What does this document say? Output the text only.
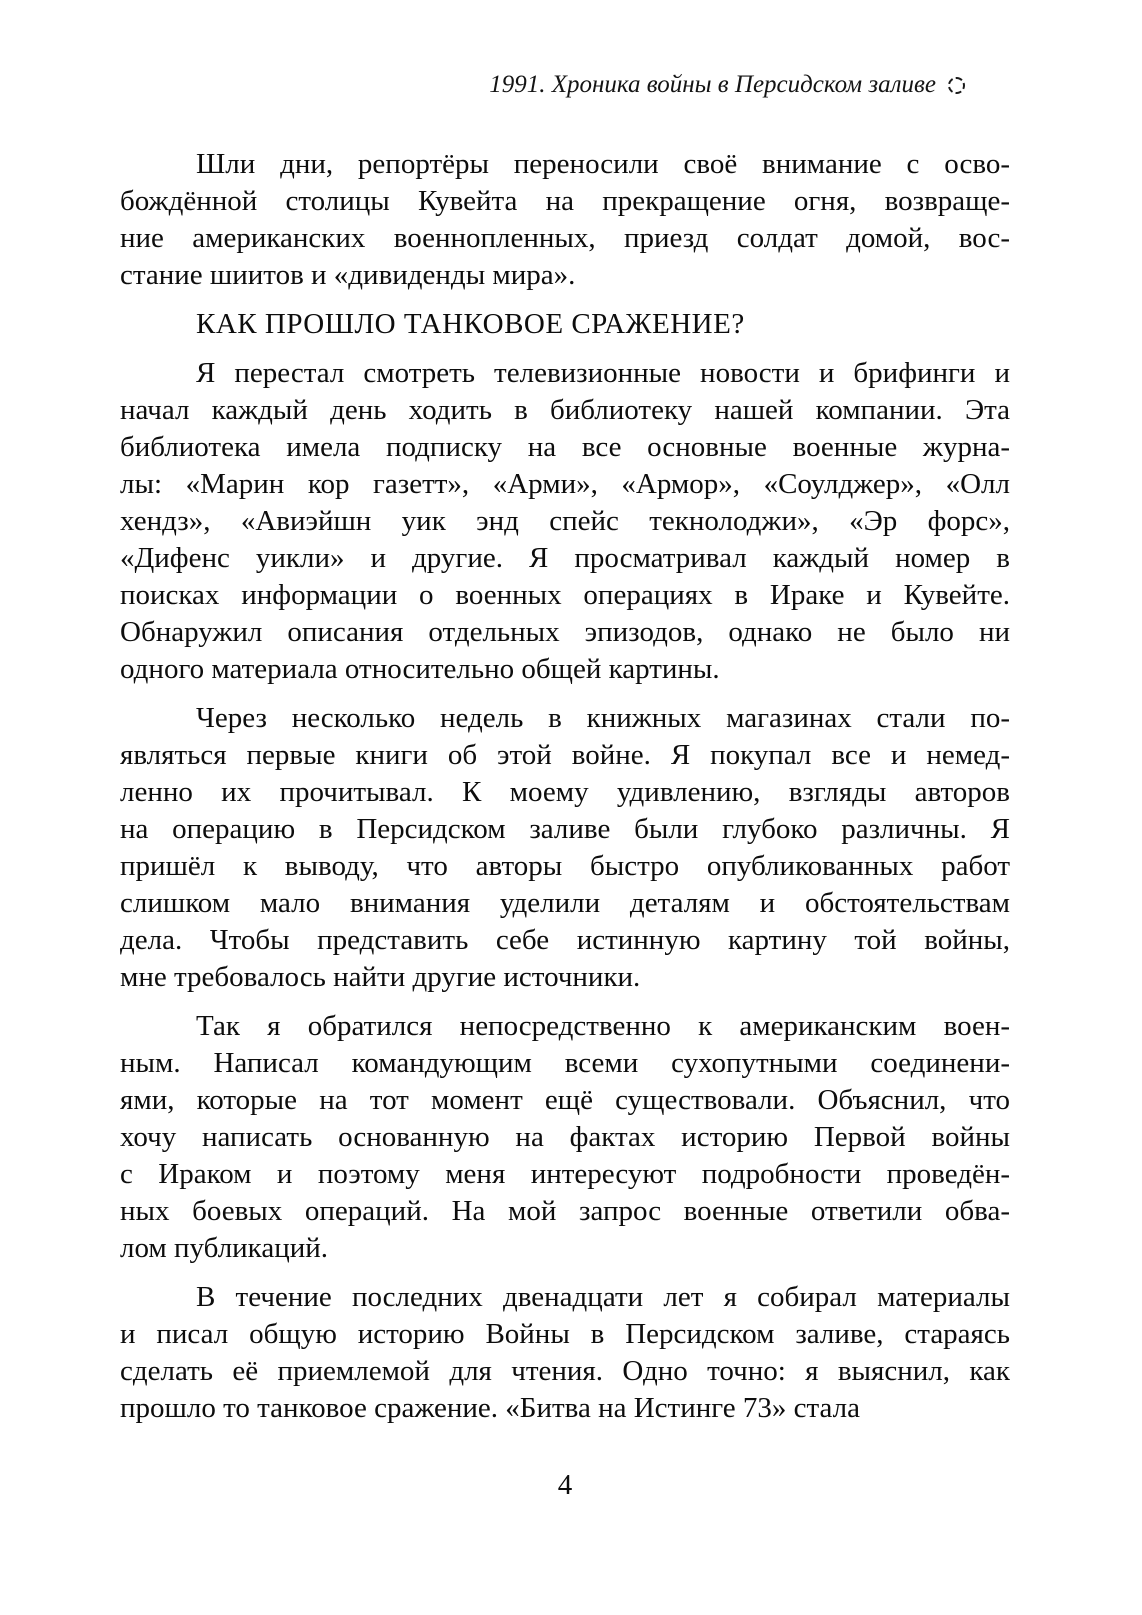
1991. Хроника войны в Персидском заливе
Шли дни, репортёры переносили своё внимание с осво-
бождённой столицы Кувейта на прекращение огня, возвраще-
ние американских военнопленных, приезд солдат домой, вос-
стание шиитов и «дивиденды мира».
КАК ПРОШЛО ТАНКОВОЕ СРАЖЕНИЕ?
Я перестал смотреть телевизионные новости и брифинги и
начал каждый день ходить в библиотеку нашей компании. Эта
библиотека имела подписку на все основные военные журна-
лы: «Марин кор газетт», «Арми», «Армор», «Соулджер», «Олл
хендз», «Авиэйшн уик энд спейс текнолоджи», «Эр форс»,
«Дифенс уикли» и другие. Я просматривал каждый номер в
поисках информации о военных операциях в Ираке и Кувейте.
Обнаружил описания отдельных эпизодов, однако не было ни
одного материала относительно общей картины.
Через несколько недель в книжных магазинах стали по-
являться первые книги об этой войне. Я покупал все и немед-
ленно их прочитывал. К моему удивлению, взгляды авторов
на операцию в Персидском заливе были глубоко различны. Я
пришёл к выводу, что авторы быстро опубликованных работ
слишком мало внимания уделили деталям и обстоятельствам
дела. Чтобы представить себе истинную картину той войны,
мне требовалось найти другие источники.
Так я обратился непосредственно к американским воен-
ным. Написал командующим всеми сухопутными соединени-
ями, которые на тот момент ещё существовали. Объяснил, что
хочу написать основанную на фактах историю Первой войны
с Ираком и поэтому меня интересуют подробности проведён-
ных боевых операций. На мой запрос военные ответили обва-
лом публикаций.
В течение последних двенадцати лет я собирал материалы
и писал общую историю Войны в Персидском заливе, стараясь
сделать её приемлемой для чтения. Одно точно: я выяснил, как
прошло то танковое сражение. «Битва на Истинге 73» стала
4
